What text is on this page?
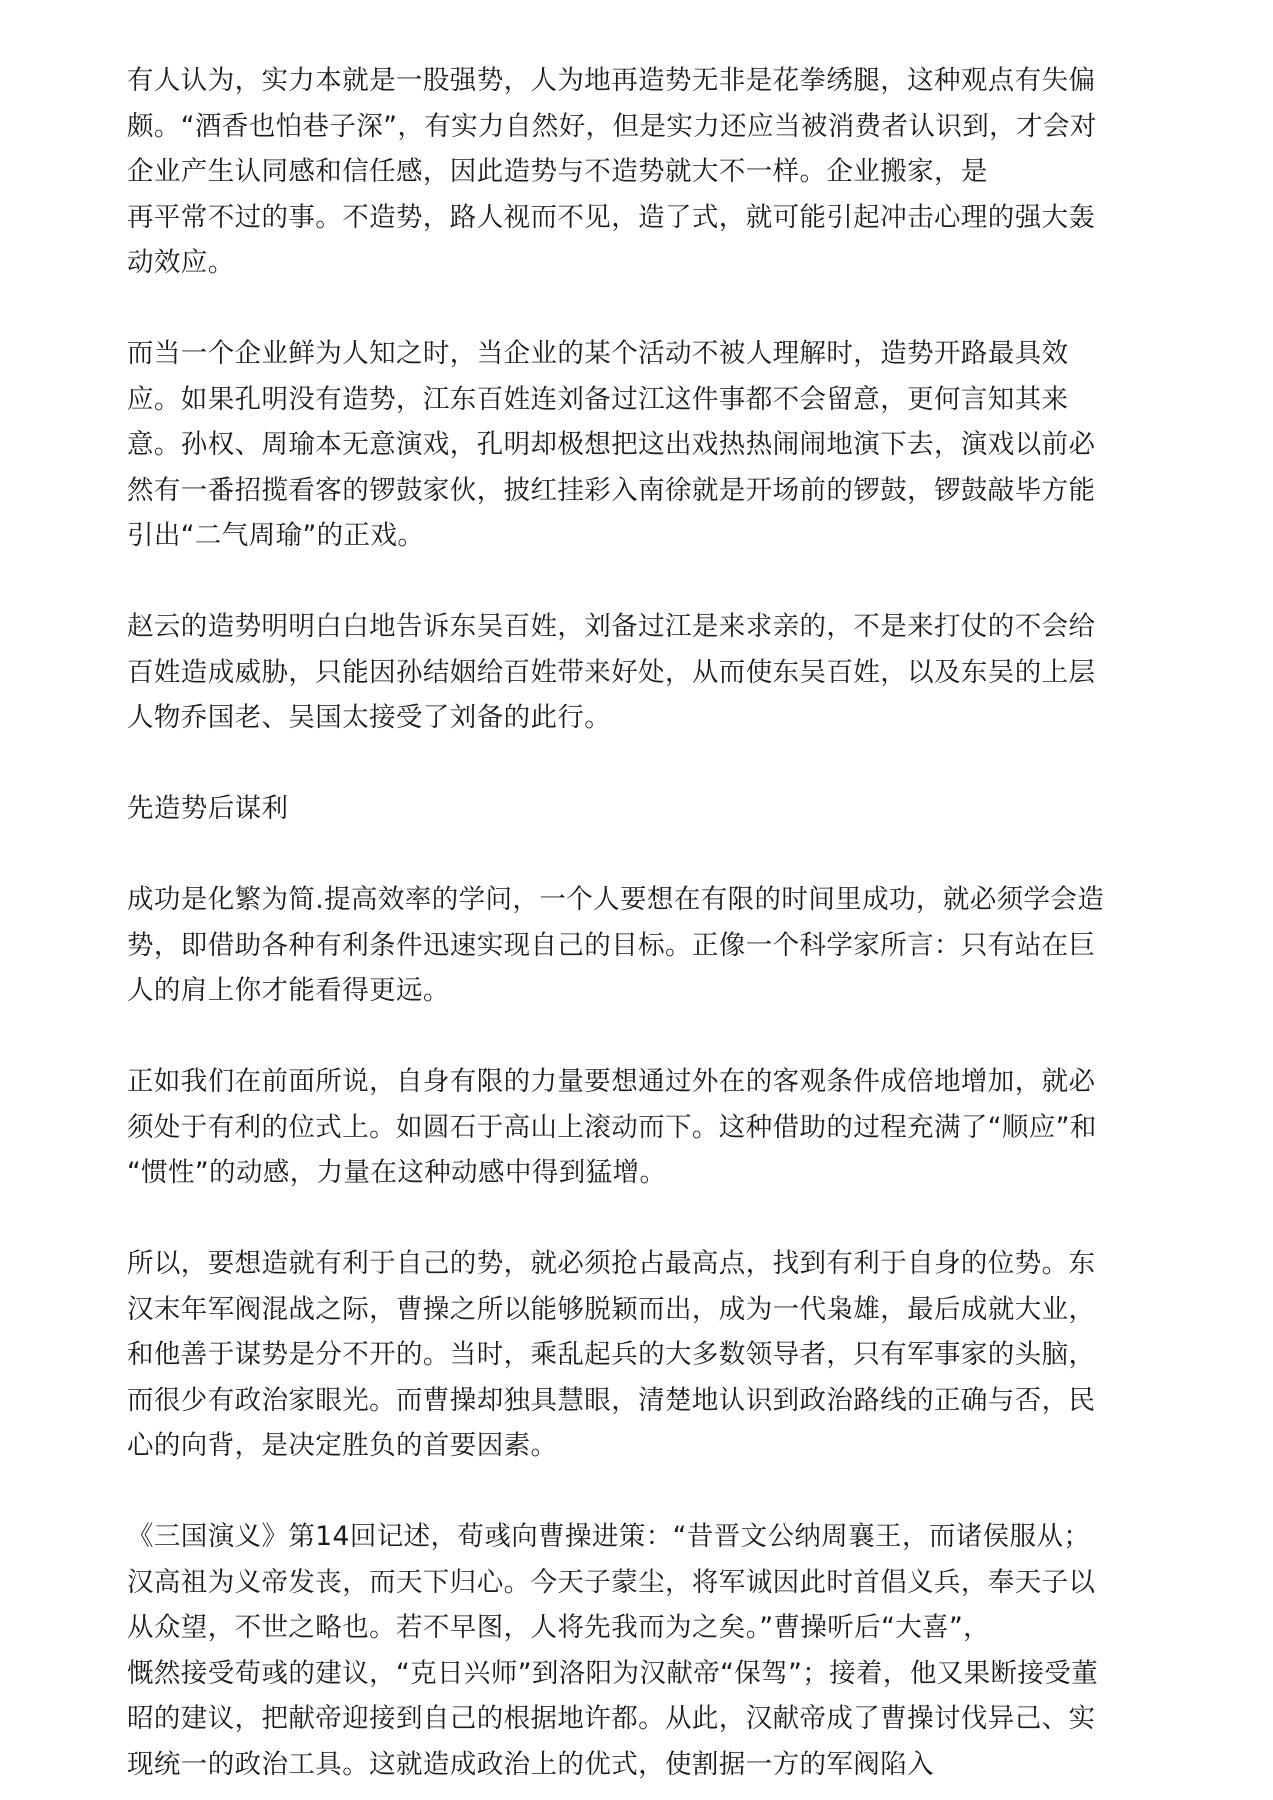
有人认为，实力本就是一股强势，人为地再造势无非是花拳绣腿，这种观点有失偏
颇。“酒香也怕巷子深”，有实力自然好，但是实力还应当被消费者认识到，才会对
企业产生认同感和信任感，因此造势与不造势就大不一样。企业搬家，是
再平常不过的事。不造势，路人视而不见，造了式，就可能引起冲击心理的强大轰
动效应。
而当一个企业鲜为人知之时，当企业的某个活动不被人理解时，造势开路最具效
应。如果孔明没有造势，江东百姓连刘备过江这件事都不会留意，更何言知其来
意。孙权、周瑜本无意演戏，孔明却极想把这出戏热热闹闹地演下去，演戏以前必
然有一番招揽看客的锣鼓家伙，披红挂彩入南徐就是开场前的锣鼓，锣鼓敲毕方能
引出“二气周瑜”的正戏。
赵云的造势明明白白地告诉东吴百姓，刘备过江是来求亲的，不是来打仗的不会给
百姓造成威胁，只能因孙结姻给百姓带来好处，从而使东吴百姓，以及东吴的上层
人物乔国老、吴国太接受了刘备的此行。
先造势后谋利
成功是化繁为简.提高效率的学问，一个人要想在有限的时间里成功，就必须学会造
势，即借助各种有利条件迅速实现自己的目标。正像一个科学家所言：只有站在巨
人的肩上你才能看得更远。
正如我们在前面所说，自身有限的力量要想通过外在的客观条件成倍地增加，就必
须处于有利的位式上。如圆石于高山上滚动而下。这种借助的过程充满了“顺应”和
“惯性”的动感，力量在这种动感中得到猛增。
所以，要想造就有利于自己的势，就必须抢占最高点，找到有利于自身的位势。东
汉末年军阀混战之际，曹操之所以能够脱颖而出，成为一代枭雄，最后成就大业，
和他善于谋势是分不开的。当时，乘乱起兵的大多数领导者，只有军事家的头脑，
而很少有政治家眼光。而曹操却独具慧眼，清楚地认识到政治路线的正确与否，民
心的向背，是决定胜负的首要因素。
《三国演义》第14回记述，荀彧向曹操进策：“昔晋文公纳周襄王，而诸侯服从；
汉高祖为义帝发丧，而天下归心。今天子蒙尘，将军诚因此时首倡义兵，奉天子以
从众望，不世之略也。若不早图，人将先我而为之矣。”曹操听后“大喜”，
慨然接受荀彧的建议，“克日兴师”到洛阳为汉献帝“保驾”；接着，他又果断接受董
昭的建议，把献帝迎接到自己的根据地许都。从此，汉献帝成了曹操讨伐异己、实
现统一的政治工具。这就造成政治上的优式，使割据一方的军阀陷入
